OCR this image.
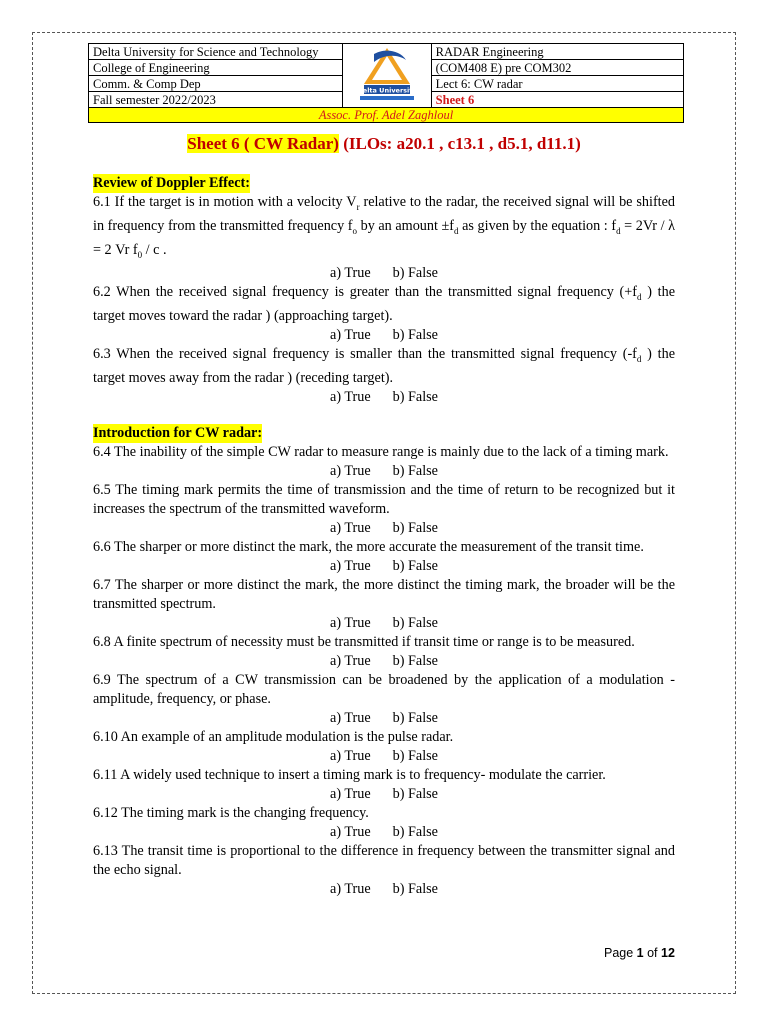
Delta University for Science and Technology	Delta University	RADAR Engineering
College of Engineering		(COM408 E) pre COM302
Comm. & Comp Dep		Lect 6: CW radar
Fall semester 2022/2023		Sheet 6
Assoc. Prof. Adel Zaghloul		
Sheet 6 ( CW Radar) (ILOs: a20.1 , c13.1 , d5.1, d11.1)

Review of Doppler Effect:

6.1 If the target is in motion with a velocity $V_r$ relative to the radar, the received signal will be shifted in frequency from the transmitted frequency $f_o$ by an amount $\pm f_d$ as given by the equation : $f_d = 2Vr / \lambda = 2$ Vr $f_0$ / c .

a) True b) False

6.2 When the received signal frequency is greater than the transmitted signal frequency ($+f_d$ ) the target moves toward the radar ) (approaching target).

a) True b) False

6.3 When the received signal frequency is smaller than the transmitted signal frequency ($-f_d$ ) the target moves away from the radar ) (receding target).

a) True b) False

Introduction for CW radar:

6.4 The inability of the simple CW radar to measure range is mainly due to the lack of a timing mark.

a) True b) False

6.5 The timing mark permits the time of transmission and the time of return to be recognized but it increases the spectrum of the transmitted waveform.

a) True b) False

6.6 The sharper or more distinct the mark, the more accurate the measurement of the transit time.

a) True b) False

6.7 The sharper or more distinct the mark, the more distinct the timing mark, the broader will be the transmitted spectrum.

a) True b) False

6.8 A finite spectrum of necessity must be transmitted if transit time or range is to be measured.

a) True b) False

6.9 The spectrum of a CW transmission can be broadened by the application of a modulation - amplitude, frequency, or phase.

a) True b) False

6.10 An example of an amplitude modulation is the pulse radar.

a) True b) False

6.11 A widely used technique to insert a timing mark is to frequency- modulate the carrier.

a) True b) False

6.12 The timing mark is the changing frequency.

a) True b) False

6.13 The transit time is proportional to the difference in frequency between the transmitter signal and the echo signal.

a) True b) False

Page 1 of 12
